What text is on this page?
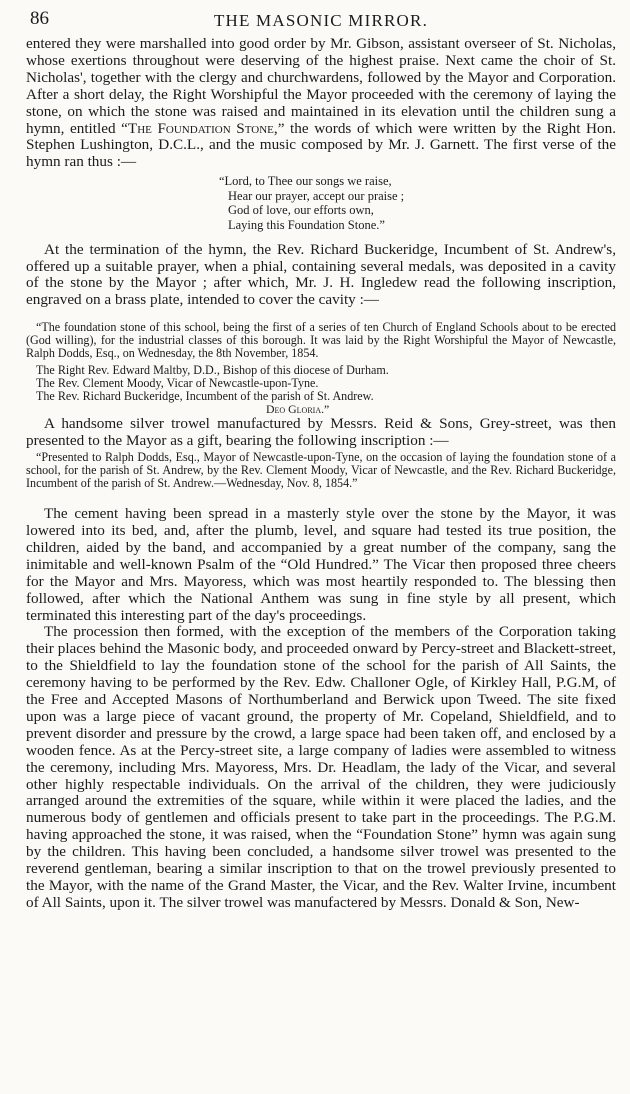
86	THE MASONIC MIRROR.

entered they were marshalled into good order by Mr. Gibson, assistant overseer of St. Nicholas, whose exertions throughout were deserving of the highest praise. Next came the choir of St. Nicholas', together with the clergy and churchwardens, followed by the Mayor and Corporation. After a short delay, the Right Worshipful the Mayor proceeded with the ceremony of laying the stone, on which the stone was raised and maintained in its elevation until the children sung a hymn, entitled “The Foundation Stone,” the words of which were written by the Right Hon. Stephen Lushington, D.C.L., and the music composed by Mr. J. Garnett. The first verse of the hymn ran thus :—

“Lord, to Thee our songs we raise,
Hear our prayer, accept our praise ;
God of love, our efforts own,
Laying this Foundation Stone.”

At the termination of the hymn, the Rev. Richard Buckeridge, Incumbent of St. Andrew's, offered up a suitable prayer, when a phial, containing several medals, was deposited in a cavity of the stone by the Mayor ; after which, Mr. J. H. Ingledew read the following inscription, engraved on a brass plate, intended to cover the cavity :—

“The foundation stone of this school, being the first of a series of ten Church of England Schools about to be erected (God willing), for the industrial classes of this borough. It was laid by the Right Worshipful the Mayor of Newcastle, Ralph Dodds, Esq., on Wednesday, the 8th November, 1854.

The Right Rev. Edward Maltby, D.D., Bishop of this diocese of Durham.
The Rev. Clement Moody, Vicar of Newcastle-upon-Tyne.
The Rev. Richard Buckeridge, Incumbent of the parish of St. Andrew.
Deo Gloria.”

A handsome silver trowel manufactured by Messrs. Reid & Sons, Grey-street, was then presented to the Mayor as a gift, bearing the following inscription :—

“Presented to Ralph Dodds, Esq., Mayor of Newcastle-upon-Tyne, on the occasion of laying the foundation stone of a school, for the parish of St. Andrew, by the Rev. Clement Moody, Vicar of Newcastle, and the Rev. Richard Buckeridge, Incumbent of the parish of St. Andrew.—Wednesday, Nov. 8, 1854.”

The cement having been spread in a masterly style over the stone by the Mayor, it was lowered into its bed, and, after the plumb, level, and square had tested its true position, the children, aided by the band, and accompanied by a great number of the company, sang the inimitable and well-known Psalm of the “Old Hundred.” The Vicar then proposed three cheers for the Mayor and Mrs. Mayoress, which was most heartily responded to. The blessing then followed, after which the National Anthem was sung in fine style by all present, which terminated this interesting part of the day's proceedings.

The procession then formed, with the exception of the members of the Corporation taking their places behind the Masonic body, and proceeded onward by Percy-street and Blackett-street, to the Shieldfield to lay the foundation stone of the school for the parish of All Saints, the ceremony having to be performed by the Rev. Edw. Challoner Ogle, of Kirkley Hall, P.G.M, of the Free and Accepted Masons of Northumberland and Berwick upon Tweed. The site fixed upon was a large piece of vacant ground, the property of Mr. Copeland, Shieldfield, and to prevent disorder and pressure by the crowd, a large space had been taken off, and enclosed by a wooden fence. As at the Percy-street site, a large company of ladies were assembled to witness the ceremony, including Mrs. Mayoress, Mrs. Dr. Headlam, the lady of the Vicar, and several other highly respectable individuals. On the arrival of the children, they were judiciously arranged around the extremities of the square, while within it were placed the ladies, and the numerous body of gentlemen and officials present to take part in the proceedings. The P.G.M. having approached the stone, it was raised, when the “Foundation Stone” hymn was again sung by the children. This having been concluded, a handsome silver trowel was presented to the reverend gentleman, bearing a similar inscription to that on the trowel previously presented to the Mayor, with the name of the Grand Master, the Vicar, and the Rev. Walter Irvine, incumbent of All Saints, upon it. The silver trowel was manufactered by Messrs. Donald & Son, New-
